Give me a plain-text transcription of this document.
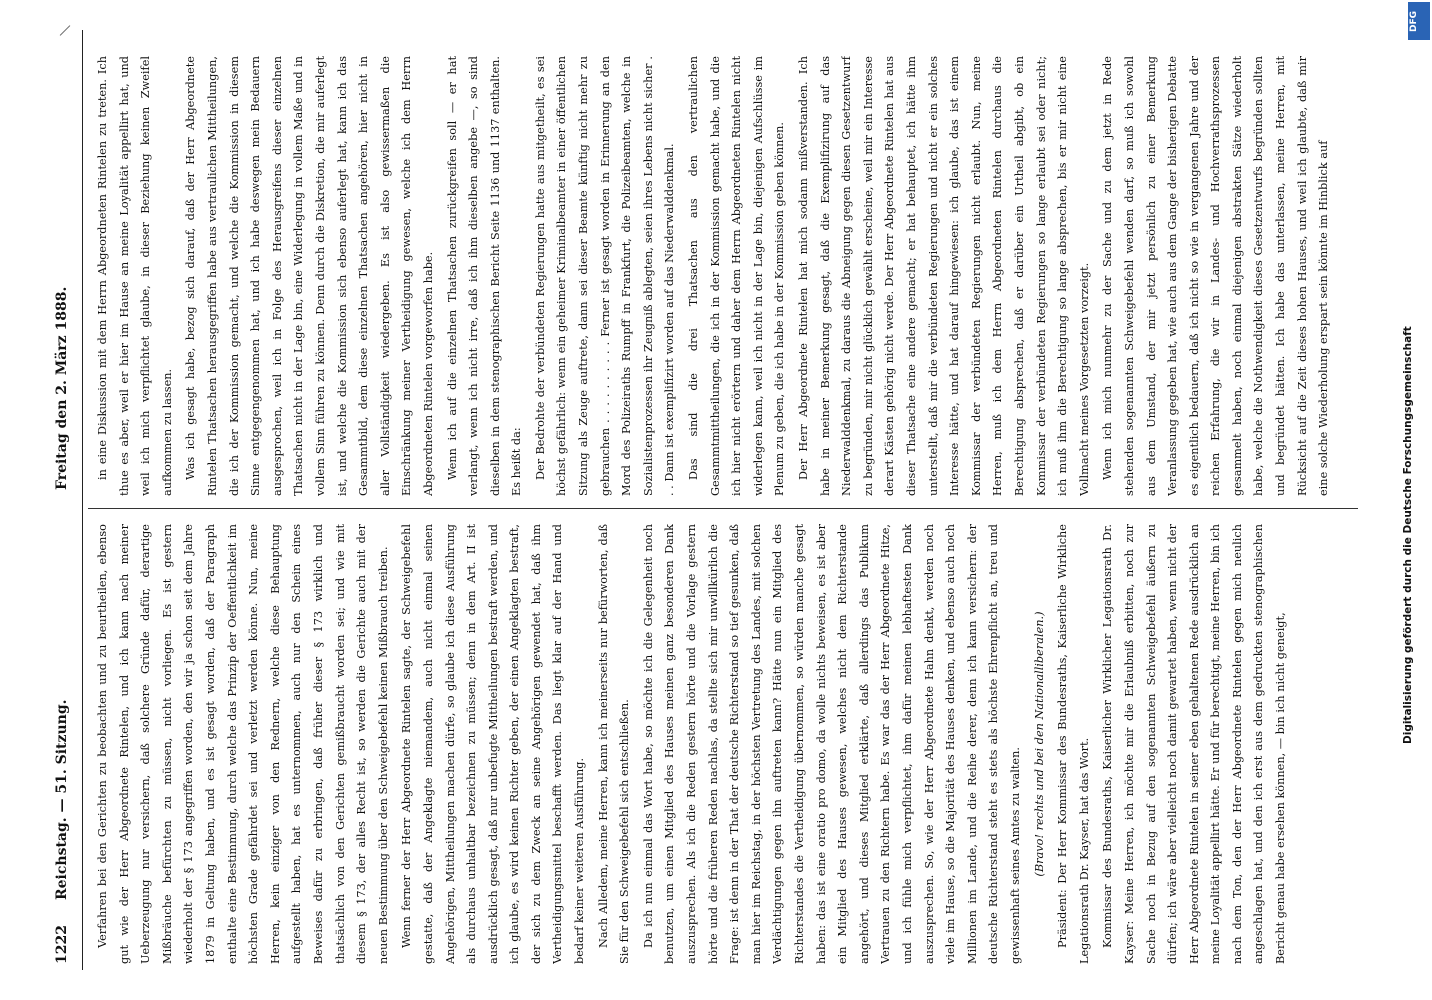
1222
Reichstag. — 51. Sitzung.
Freitag den 2. März 1888.

Verfahren bei den Gerichten zu beobachten und zu beurtheilen, ebenso gut wie der Herr Abgeordnete Rintelen, und ich kann nach meiner Ueberzeugung nur versichern, daß solchere Gründe dafür, derartige Mißbräuche befürchten zu müssen, nicht vorliegen. Es ist gestern wiederholt der § 173 angegriffen worden, den wir ja schon seit dem Jahre 1879 in Geltung haben, und es ist gesagt worden, daß der Paragraph enthalte eine Bestimmung, durch welche das Prinzip der Oeffentlichkeit im höchsten Grade gefährdet sei und verletzt werden könne. Nun, meine Herren, kein einziger von den Rednern, welche diese Behauptung aufgestellt haben, hat es unternommen, auch nur den Schein eines Beweises dafür zu erbringen, daß früher dieser § 173 wirklich und thatsächlich von den Gerichten gemißbraucht worden sei; und wie mit diesem § 173, der alles Recht ist, so werden die Gerichte auch mit der neuen Bestimmung über den Schweigebefehl keinen Mißbrauch treiben. Wenn ferner der Herr Abgeordnete Rintelen sagte, der Schweigebefehl gestatte, daß der Angeklagte niemandem, auch nicht einmal seinen Angehörigen, Mittheilungen machen dürfe, so glaube ich diese Ausführung als durchaus unhaltbar bezeichnen zu müssen; denn in dem Art. II ist ausdrücklich gesagt, daß nur unbefugte Mittheilungen bestraft werden, und ich glaube, es wird keinen Richter geben, der einen Angeklagten bestraft, der sich zu dem Zweck an seine Angehörigen gewendet hat, daß ihm Vertheidigungsmittel beschafft werden. Das liegt klar auf der Hand und bedarf keiner weiteren Ausführung. Nach Alledem, meine Herren, kann ich meinerseits nur befürworten, daß Sie für den Schweigebefehl sich entschließen. Da ich nun einmal das Wort habe, so möchte ich die Gelegenheit noch benutzen, um einen Mitglied des Hauses meinen ganz besonderen Dank auszusprechen. Als ich die Reden gestern hörte und die Vorlage gestern hörte und die früheren Reden nachlas, da stellte sich mir unwillkürlich die Frage: ist denn in der That der deutsche Richterstand so tief gesunken, daß man hier im Reichstag, in der höchsten Vertretung des Landes, mit solchen Verdächtigungen gegen ihn auftreten kann? Hätte nun ein Mitglied des Richterstandes die Vertheidigung übernommen, so würden manche gesagt haben: das ist eine oratio pro domo, da wolle nichts beweisen, es ist aber ein Mitglied des Hauses gewesen, welches nicht dem Richterstande angehört, und dieses Mitglied erklärte, daß allerdings das Publikum Vertrauen zu den Richtern habe. Es war das der Herr Abgeordnete Hitze, und ich fühle mich verpflichtet, ihm dafür meinen lebhaftesten Dank auszusprechen. So, wie der Herr Abgeordnete Hahn denkt, werden noch viele im Hause, so die Majorität des Hauses denken, und ebenso auch noch Millionen im Lande, und die Reihe derer, denn ich kann versichern: der deutsche Richterstand steht es stets als höchste Ehrenpflicht an, treu und gewissenhaft seines Amtes zu walten. (Bravo! rechts und bei den Nationalliberalen.) Präsident: Der Herr Kommissar des Bundesraths, Kaiserliche Wirkliche Legationsrath Dr. Kayser, hat das Wort. Kommissar des Bundesraths, Kaiserlicher Wirklicher Legationsrath Dr. Kayser: Meine Herren, ich möchte mir die Erlaubniß erbitten, noch zur Sache noch in Bezug auf den sogenannten Schweigebefehl äußern zu dürfen; ich wäre aber vielleicht noch damit gewartet haben, wenn nicht der Herr Abgeordnete Rintelen in seiner eben gehaltenen Rede ausdrücklich an meine Loyalität appellirt hätte. Er und für berechtigt, meine Herren, bin ich nach dem Ton, den der Herr Abgeordnete Rintelen gegen mich neulich angeschlagen hat, und den ich erst aus dem gedruckten stenographischen Bericht genau habe ersehen können, — bin ich nicht geneigt,

in eine Diskussion mit dem Herrn Abgeordneten Rintelen zu treten. Ich thue es aber, weil er hier im Hause an meine Loyalität appellirt hat, und weil ich mich verpflichtet glaube, in dieser Beziehung keinen Zweifel aufkommen zu lassen. Was ich gesagt habe, bezog sich darauf, daß der Herr Abgeordnete Rintelen Thatsachen herausgegriffen habe aus vertraulichen Mittheilungen, die ich der Kommission gemacht, und welche die Kommission in diesem Sinne entgegengenommen hat, und ich habe deswegen mein Bedauern ausgesprochen, weil ich in Folge des Herausgreifens dieser einzelnen Thatsachen nicht in der Lage bin, eine Widerlegung in vollem Maße und in vollem Sinn führen zu können. Denn durch die Diskretion, die mir auferlegt ist, und welche die Kommission sich ebenso auferlegt hat, kann ich das Gesammtbild, dem diese einzelnen Thatsachen angehören, hier nicht in aller Vollständigkeit wiedergeben. Es ist also gewissermaßen die Einschränkung meiner Vertheidigung gewesen, welche ich dem Herrn Abgeordneten Rintelen vorgeworfen habe. Wenn ich auf die einzelnen Thatsachen zurückgreifen soll — er hat verlangt, wenn ich nicht irre, daß ich ihm dieselben angebe —, so sind dieselben in dem stenographischen Bericht Seite 1136 und 1137 enthalten. Es heißt da: Der Bedrohte der verbündeten Regierungen hatte aus mitgetheilt, es sei höchst gefährlich: wenn ein geheimer Kriminalbeamter in einer öffentlichen Sitzung als Zeuge auftrete, dann sei dieser Beamte künftig nicht mehr zu gebrauchen . . . . . . . . . . Ferner ist gesagt worden in Erinnerung an den Mord des Polizeiraths Rumpff in Frankfurt, die Polizeibeamten, welche in Sozialistenprozessen ihr Zeugniß ablegten, seien ihres Lebens nicht sicher . . . Dann ist exemplifizirt worden auf das Niederwalddenkmal. Das sind die drei Thatsachen aus den vertraulichen Gesammtmittheilungen, die ich in der Kommission gemacht habe, und die ich hier nicht erörtern und daher dem Herrn Abgeordneten Rintelen nicht widerlegen kann, weil ich nicht in der Lage bin, diejenigen Aufschlüsse im Plenum zu geben, die ich habe in der Kommission geben können. Der Herr Abgeordnete Rintelen hat mich sodann mißverstanden. Ich habe in meiner Bemerkung gesagt, daß die Exemplifizirung auf das Niederwalddenkmal, zu daraus die Abneigung gegen diesen Gesetzentwurf zu begründen, mir nicht glücklich gewählt erscheine, weil mir ein Interesse derart Kästen gehörig nicht werde. Der Herr Abgeordnete Rintelen hat aus dieser Thatsache eine andere gemacht; er hat behauptet, ich hätte ihm unterstellt, daß mir die verbündeten Regierungen und nicht er ein solches Interesse hätte, und hat darauf hingewiesen: ich glaube, das ist einem Kommissar der verbündeten Regierungen nicht erlaubt. Nun, meine Herren, muß ich dem Herrn Abgeordneten Rintelen durchaus die Berechtigung absprechen, daß er darüber ein Urtheil abgibt, ob ein Kommissar der verbündeten Regierungen so lange erlaubt sei oder nicht; ich muß ihm die Berechtigung so lange absprechen, bis er mir nicht eine Vollmacht meines Vorgesetzten vorzeigt. Wenn ich mich nunmehr zu der Sache und zu dem jetzt in Rede stehenden sogenannten Schweigebefehl wenden darf, so muß ich sowohl aus dem Umstand, der mir jetzt persönlich zu einer Bemerkung Veranlassung gegeben hat, wie auch aus dem Gange der bisherigen Debatte es eigentlich bedauern, daß ich nicht so wie in vergangenen Jahre und der reichen Erfahrung, die wir in Landes- und Hochverrathsprozessen gesammelt haben, noch einmal diejenigen abstrakten Sätze wiederholt habe, welche die Nothwendigkeit dieses Gesetzentwurfs begründen sollten und begründet hätten. Ich habe das unterlassen, meine Herren, mit Rücksicht auf die Zeit dieses hohen Hauses, und weil ich glaubte, daß mir eine solche Wiederholung erspart sein könnte im Hinblick auf

DFG
Digitalisierung gefördert durch die Deutsche Forschungsgemeinschaft
